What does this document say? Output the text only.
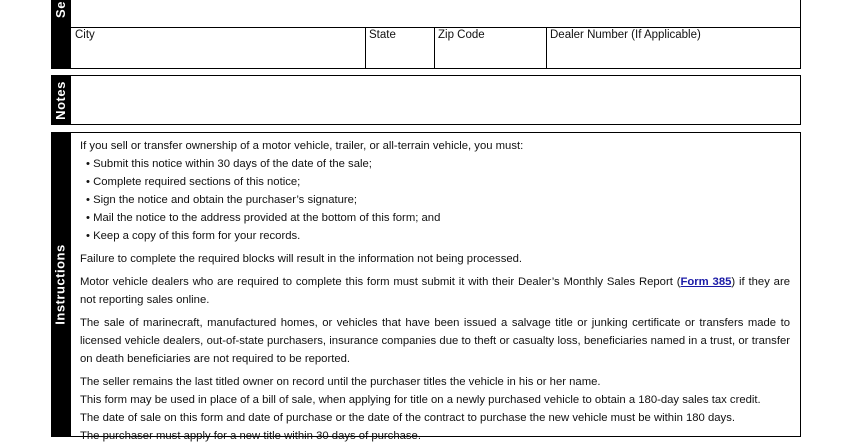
Se
City	State	Zip Code	Dealer Number (If Applicable)
Notes
Instructions

If you sell or transfer ownership of a motor vehicle, trailer, or all-terrain vehicle, you must:

• Submit this notice within 30 days of the date of the sale;
• Complete required sections of this notice;
• Sign the notice and obtain the purchaser’s signature;
• Mail the notice to the address provided at the bottom of this form; and
• Keep a copy of this form for your records.

Failure to complete the required blocks will result in the information not being processed.

Motor vehicle dealers who are required to complete this form must submit it with their Dealer’s Monthly Sales Report (Form 385) if they are not reporting sales online.

The sale of marinecraft, manufactured homes, or vehicles that have been issued a salvage title or junking certificate or transfers made to licensed vehicle dealers, out-of-state purchasers, insurance companies due to theft or casualty loss, beneficiaries named in a trust, or transfer on death beneficiaries are not required to be reported.

The seller remains the last titled owner on record until the purchaser titles the vehicle in his or her name.

This form may be used in place of a bill of sale, when applying for title on a newly purchased vehicle to obtain a 180-day sales tax credit.

The date of sale on this form and date of purchase or the date of the contract to purchase the new vehicle must be within 180 days.

The purchaser must apply for a new title within 30 days of purchase.
